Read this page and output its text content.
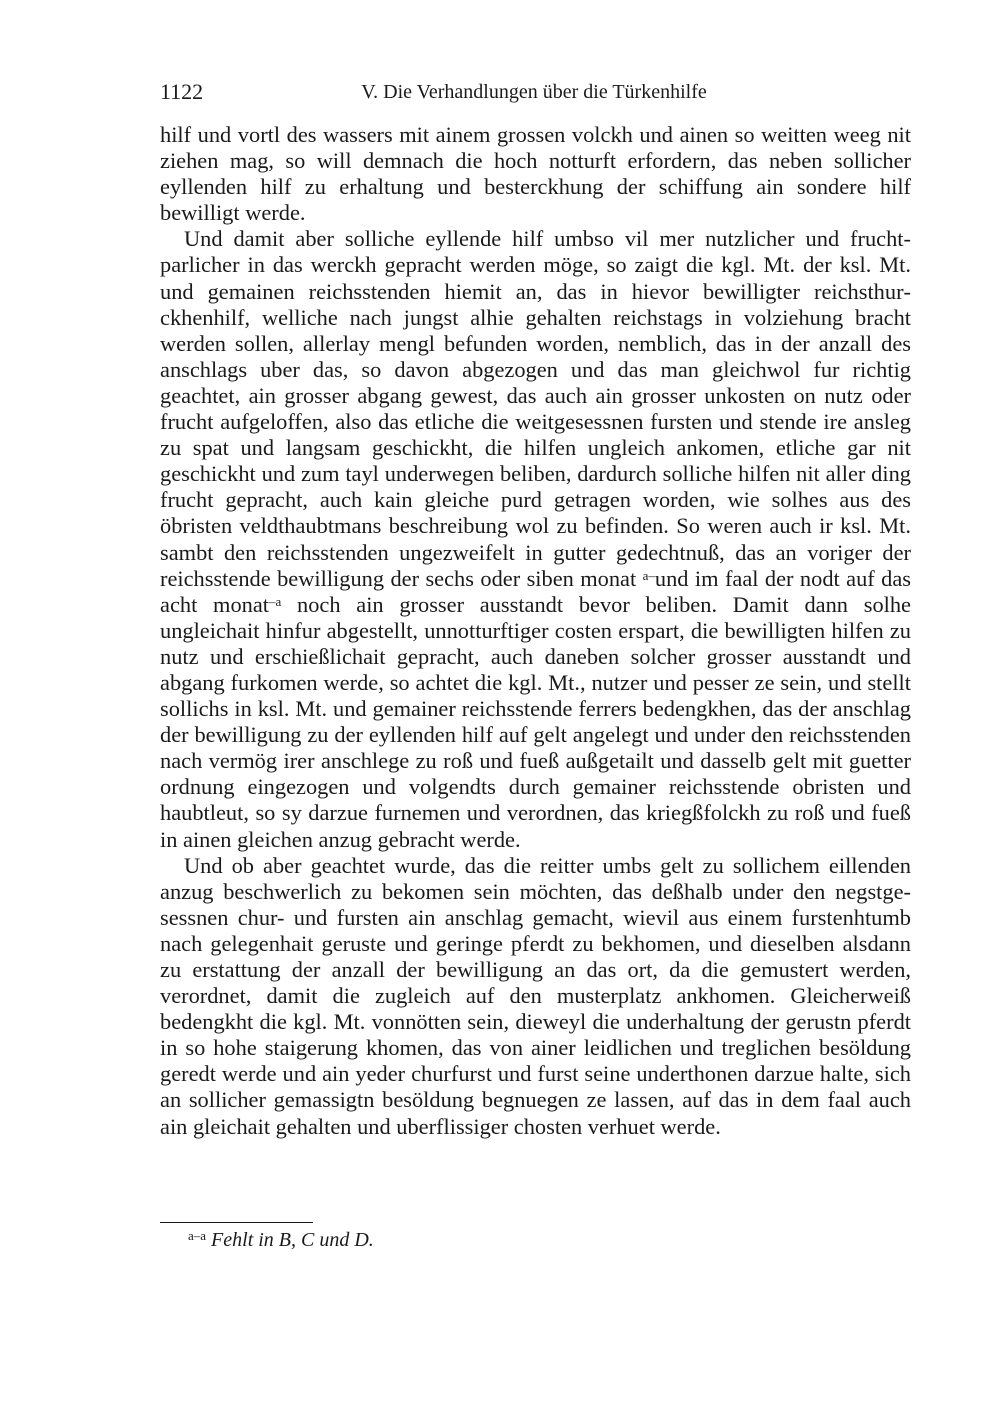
1122	V. Die Verhandlungen über die Türkenhilfe

hilf und vortl des wassers mit ainem grossen volckh und ainen so weitten weeg nit ziehen mag, so will demnach die hoch notturft erfordern, das neben sollicher eyllenden hilf zu erhaltung und besterckhung der schiffung ain sondere hilf bewilligt werde.

Und damit aber solliche eyllende hilf umbso vil mer nutzlicher und fruchtparlicher in das werckh gepracht werden möge, so zaigt die kgl. Mt. der ksl. Mt. und gemainen reichsstenden hiemit an, das in hievor bewilligter reichsthurckhenhilf, welliche nach jungst alhie gehalten reichstags in volziehung bracht werden sollen, allerlay mengl befunden worden, nemblich, das in der anzall des anschlags uber das, so davon abgezogen und das man gleichwol fur richtig geachtet, ain grosser abgang gewest, das auch ain grosser unkosten on nutz oder frucht aufgeloffen, also das etliche die weitgesessnen fursten und stende ire ansleg zu spat und langsam geschickht, die hilfen ungleich ankomen, etliche gar nit geschickht und zum tayl underwegen beliben, dardurch solliche hilfen nit aller ding frucht gepracht, auch kain gleiche purd getragen worden, wie solhes aus des öbristen veldthaubtmans beschreibung wol zu befinden. So weren auch ir ksl. Mt. sambt den reichsstenden ungezweifelt in gutter gedechtnuß, das an voriger der reichsstende bewilligung der sechs oder siben monat $^{a-}$und im faal der nodt auf das acht monat$^{-a}$ noch ain grosser ausstandt bevor beliben. Damit dann solhe ungleichait hinfur abgestellt, unnotturftiger costen erspart, die bewilligten hilfen zu nutz und erschießlichait gepracht, auch daneben solcher grosser ausstandt und abgang furkomen werde, so achtet die kgl. Mt., nutzer und pesser ze sein, und stellt sollichs in ksl. Mt. und gemainer reichsstende ferrers bedengkhen, das der anschlag der bewilligung zu der eyllenden hilf auf gelt angelegt und under den reichsstenden nach vermög irer anschlege zu roß und fueß außgetailt und dasselb gelt mit guetter ordnung eingezogen und volgendts durch gemainer reichsstende obristen und haubtleut, so sy darzue furnemen und verordnen, das kriegßfolckh zu roß und fueß in ainen gleichen anzug gebracht werde.

Und ob aber geachtet wurde, das die reitter umbs gelt zu sollichem eillenden anzug beschwerlich zu bekomen sein möchten, das deßhalb under den negstgesessnen chur- und fursten ain anschlag gemacht, wievil aus einem furstenhtumb nach gelegenhait geruste und geringe pferdt zu bekhomen, und dieselben alsdann zu erstattung der anzall der bewilligung an das ort, da die gemustert werden, verordnet, damit die zugleich auf den musterplatz ankhomen. Gleicherweiß bedengkht die kgl. Mt. vonnötten sein, dieweyl die underhaltung der gerustn pferdt in so hohe staigerung khomen, das von ainer leidlichen und treglichen besöldung geredt werde und ain yeder churfurst und furst seine underthonen darzue halte, sich an sollicher gemassigtn besöldung begnuegen ze lassen, auf das in dem faal auch ain gleichait gehalten und uberflissiger chosten verhuet werde.

$^{a-a}$ Fehlt in B, C und D.
